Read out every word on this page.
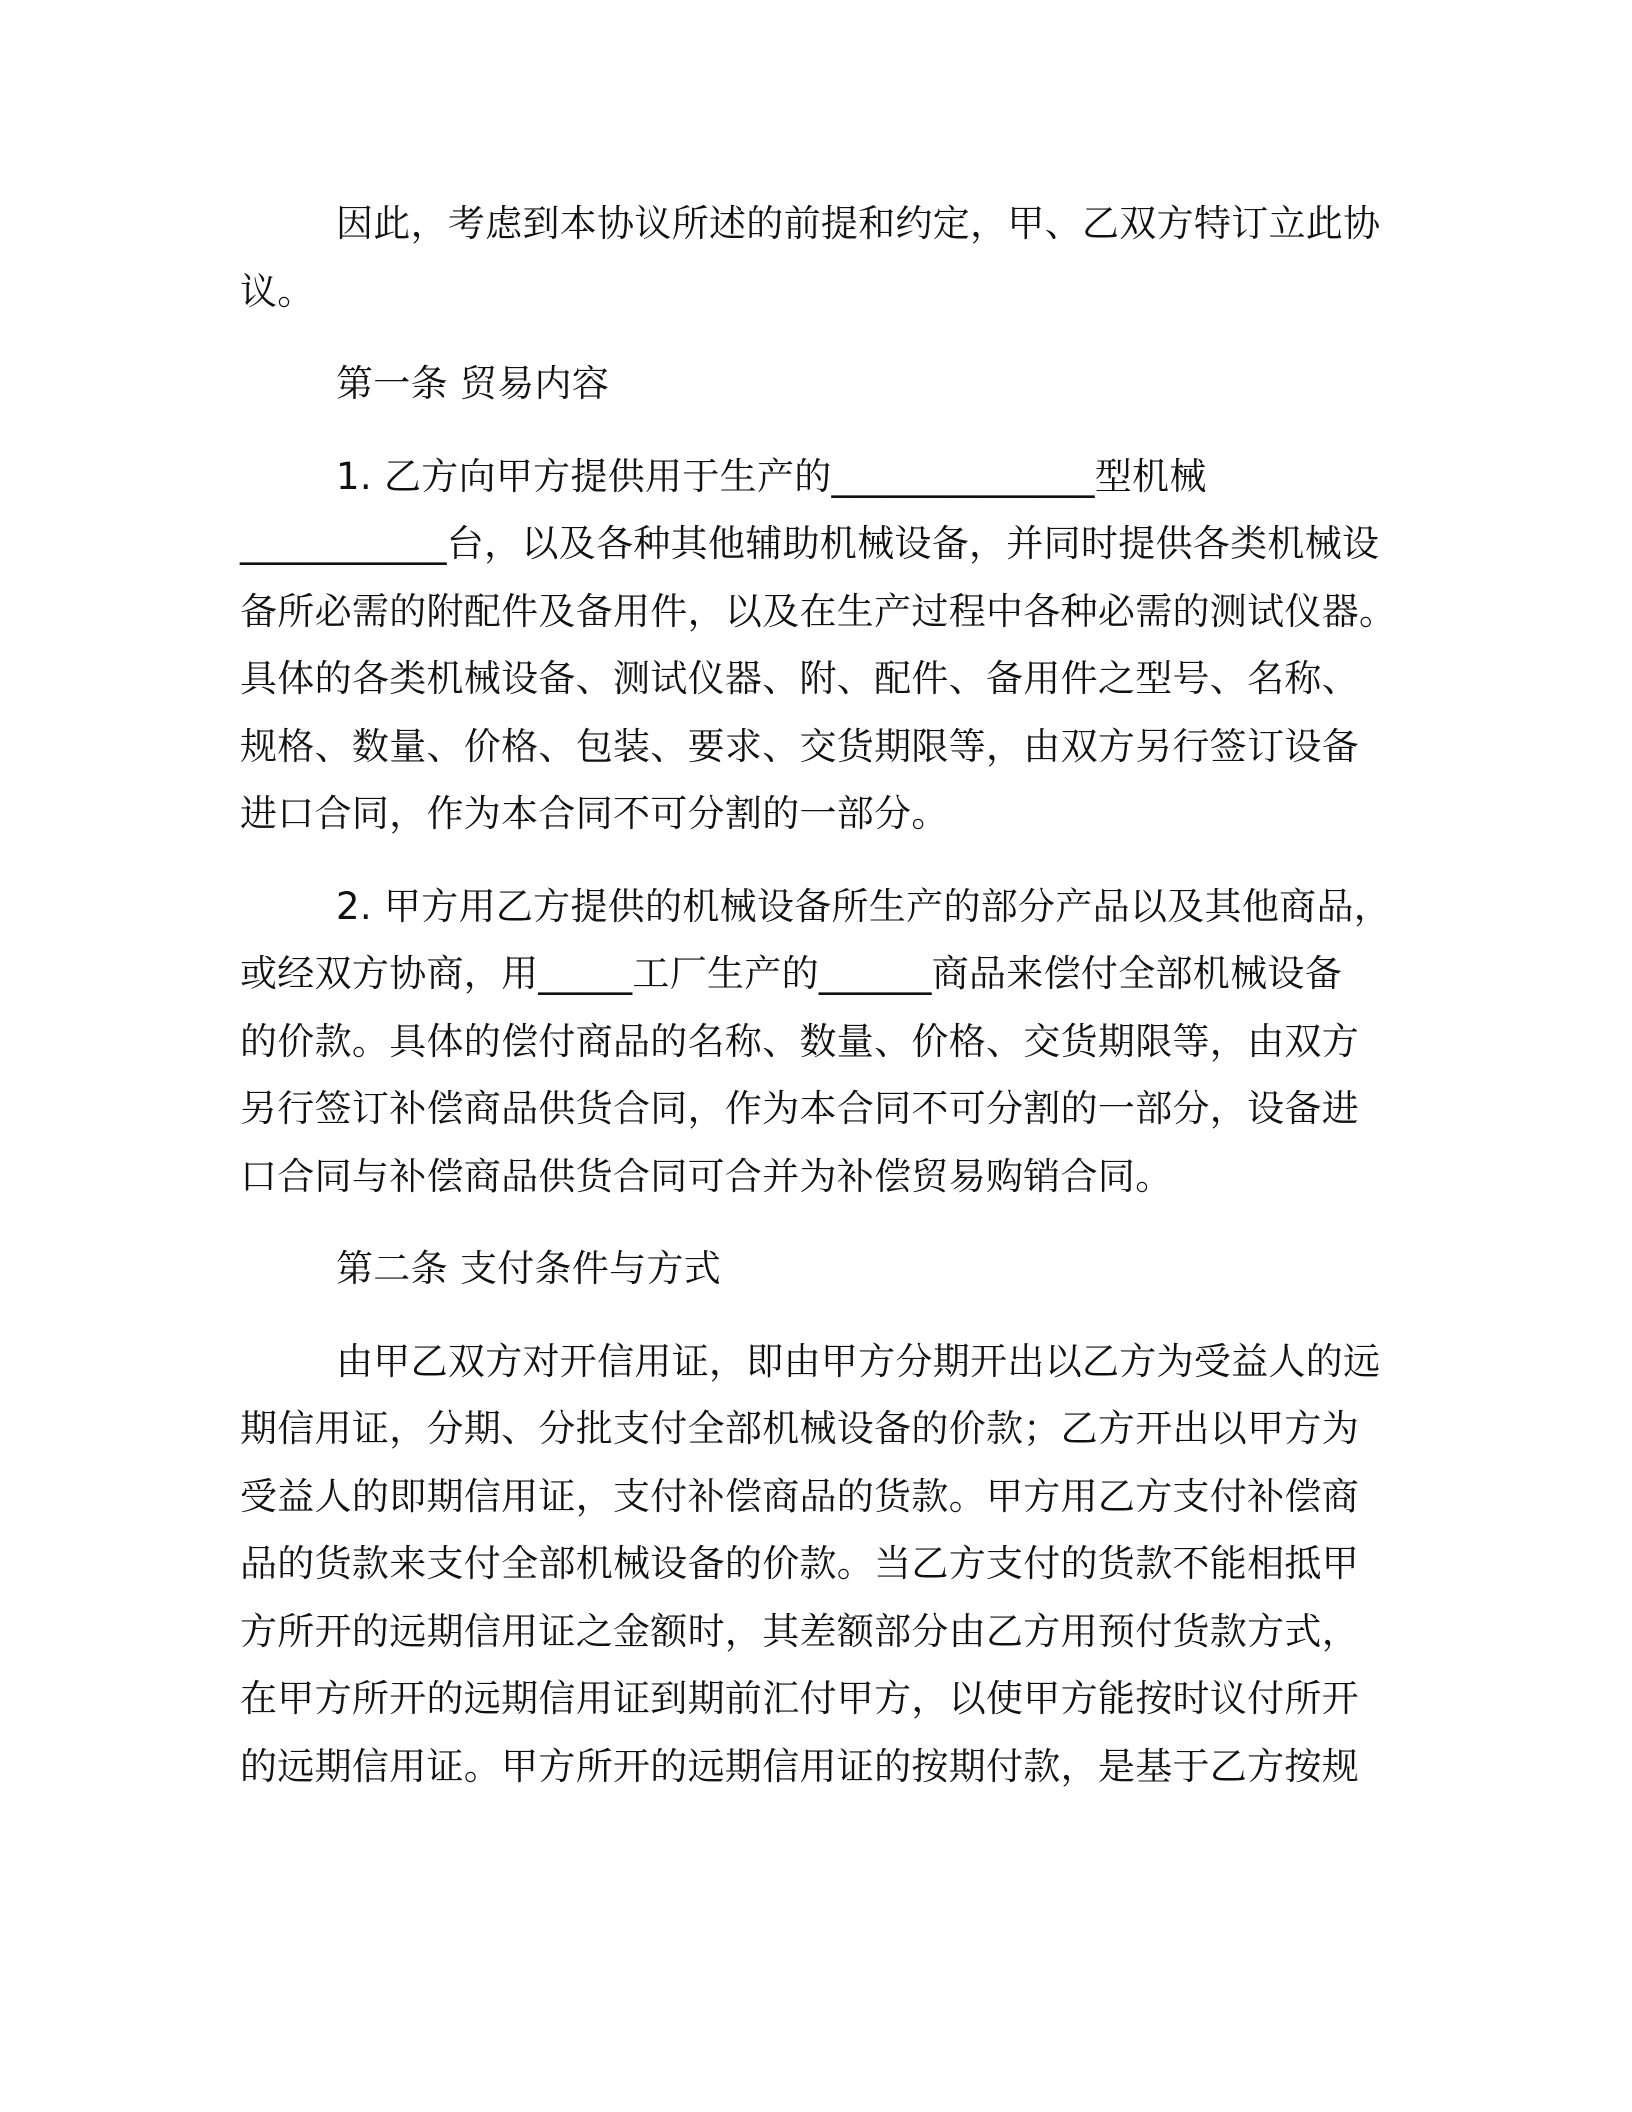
因此，考虑到本协议所述的前提和约定，甲、乙双方特订立此协
议。
第一条 贸易内容
1. 乙方向甲方提供用于生产的______________型机械
___________台，以及各种其他辅助机械设备，并同时提供各类机械设
备所必需的附配件及备用件，以及在生产过程中各种必需的测试仪器。
具体的各类机械设备、测试仪器、附、配件、备用件之型号、名称、
规格、数量、价格、包装、要求、交货期限等，由双方另行签订设备
进口合同，作为本合同不可分割的一部分。
2. 甲方用乙方提供的机械设备所生产的部分产品以及其他商品，
或经双方协商，用_____工厂生产的______商品来偿付全部机械设备
的价款。具体的偿付商品的名称、数量、价格、交货期限等，由双方
另行签订补偿商品供货合同，作为本合同不可分割的一部分，设备进
口合同与补偿商品供货合同可合并为补偿贸易购销合同。
第二条 支付条件与方式
由甲乙双方对开信用证，即由甲方分期开出以乙方为受益人的远
期信用证，分期、分批支付全部机械设备的价款；乙方开出以甲方为
受益人的即期信用证，支付补偿商品的货款。甲方用乙方支付补偿商
品的货款来支付全部机械设备的价款。当乙方支付的货款不能相抵甲
方所开的远期信用证之金额时，其差额部分由乙方用预付货款方式，
在甲方所开的远期信用证到期前汇付甲方，以使甲方能按时议付所开
的远期信用证。甲方所开的远期信用证的按期付款，是基于乙方按规
